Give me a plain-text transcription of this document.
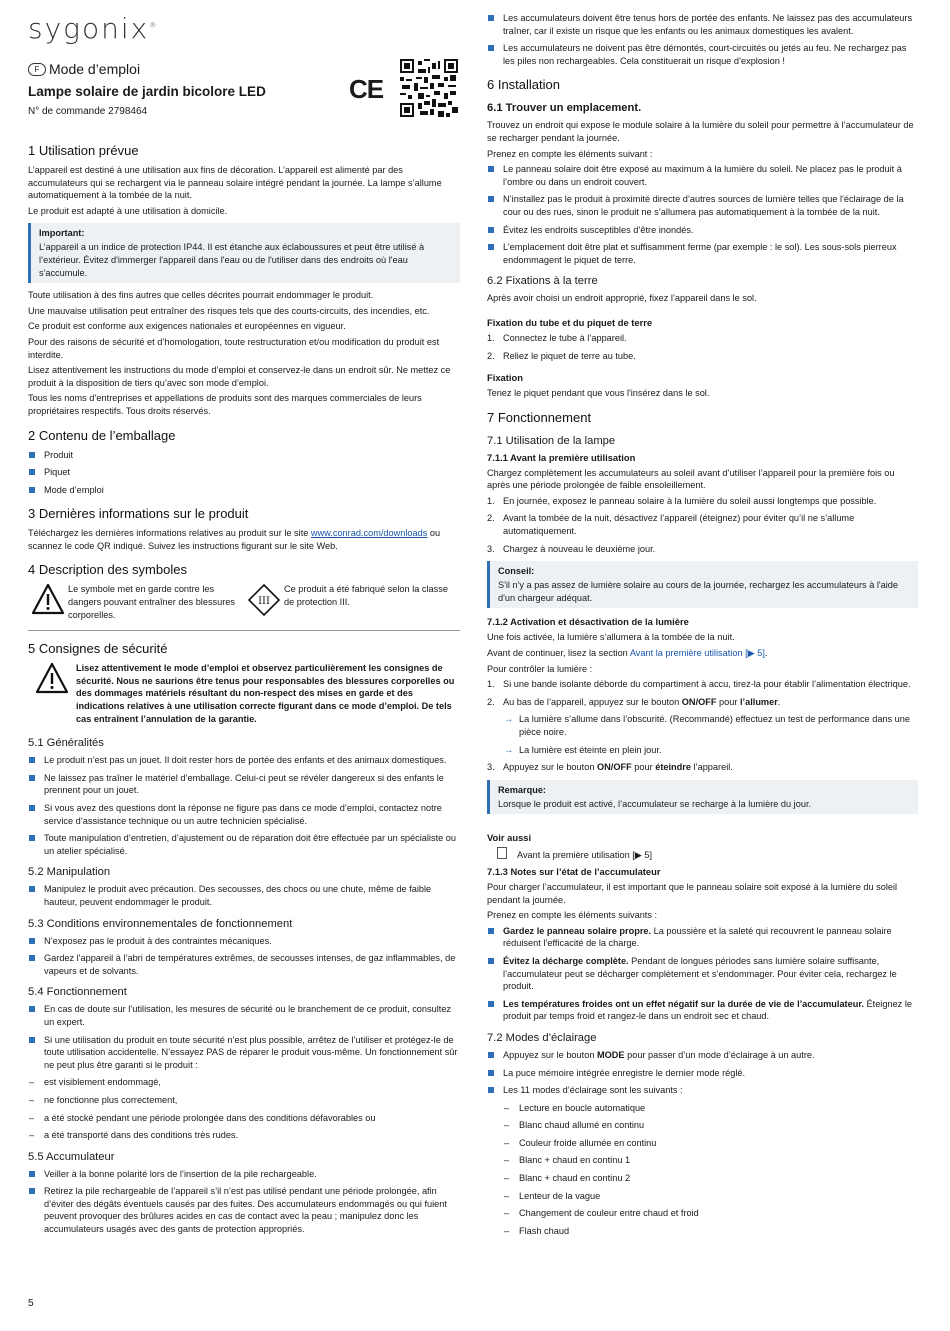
sygonix®
F Mode d’emploi
Lampe solaire de jardin bicolore LED
N° de commande 2798464
CE
1 Utilisation prévue

L’appareil est destiné à une utilisation aux fins de décoration. L’appareil est alimenté par des accumulateurs qui se rechargent via le panneau solaire intégré pendant la journée. La lampe s’allume automatiquement à la tombée de la nuit.

Le produit est adapté à une utilisation à domicile.

Important:

L’appareil a un indice de protection IP44. Il est étanche aux éclaboussures et peut être utilisé à l’extérieur. Évitez d'immerger l'appareil dans l'eau ou de l'utiliser dans des endroits où l'eau s'accumule.

Toute utilisation à des fins autres que celles décrites pourrait endommager le produit.

Une mauvaise utilisation peut entraîner des risques tels que des courts-circuits, des incendies, etc.

Ce produit est conforme aux exigences nationales et européennes en vigueur.

Pour des raisons de sécurité et d’homologation, toute restructuration et/ou modification du produit est interdite.

Lisez attentivement les instructions du mode d’emploi et conservez-le dans un endroit sûr. Ne mettez ce produit à la disposition de tiers qu’avec son mode d’emploi.

Tous les noms d’entreprises et appellations de produits sont des marques commerciales de leurs propriétaires respectifs. Tous droits réservés.

2 Contenu de l’emballage
Produit
Piquet
Mode d’emploi
3 Dernières informations sur le produit

Téléchargez les dernières informations relatives au produit sur le site www.conrad.com/downloads ou scannez le code QR indiqué. Suivez les instructions figurant sur le site Web.

4 Description des symboles

Le symbole met en garde contre les dangers pouvant entraîner des blessures corporelles.

III

Ce produit a été fabriqué selon la classe de protection III.

5 Consignes de sécurité

Lisez attentivement le mode d’emploi et observez particulièrement les consignes de sécurité. Nous ne saurions être tenus pour responsables des blessures corporelles ou des dommages matériels résultant du non-respect des mises en garde et des indications relatives à une utilisation correcte figurant dans ce mode d’emploi. De tels cas entraînent l’annulation de la garantie.

5.1 Généralités
Le produit n’est pas un jouet. Il doit rester hors de portée des enfants et des animaux domestiques.
Ne laissez pas traîner le matériel d’emballage. Celui-ci peut se révéler dangereux si des enfants le prennent pour un jouet.
Si vous avez des questions dont la réponse ne figure pas dans ce mode d’emploi, contactez notre service d’assistance technique ou un autre technicien spécialisé.
Toute manipulation d’entretien, d’ajustement ou de réparation doit être effectuée par un spécialiste ou un atelier spécialisé.
5.2 Manipulation
Manipulez le produit avec précaution. Des secousses, des chocs ou une chute, même de faible hauteur, peuvent endommager le produit.
5.3 Conditions environnementales de fonctionnement
N’exposez pas le produit à des contraintes mécaniques.
Gardez l'appareil à l’abri de températures extrêmes, de secousses intenses, de gaz inflammables, de vapeurs et de solvants.
5.4 Fonctionnement
En cas de doute sur l’utilisation, les mesures de sécurité ou le branchement de ce produit, consultez un expert.
Si une utilisation du produit en toute sécurité n’est plus possible, arrêtez de l’utiliser et protégez-le de toute utilisation accidentelle. N’essayez PAS de réparer le produit vous-même. Un fonctionnement sûr ne peut plus être garanti si le produit :
– est visiblement endommagé,
– ne fonctionne plus correctement,
– a été stocké pendant une période prolongée dans des conditions défavorables ou
– a été transporté dans des conditions très rudes.
5.5 Accumulateur
Veiller à la bonne polarité lors de l’insertion de la pile rechargeable.
Retirez la pile rechargeable de l’appareil s’il n’est pas utilisé pendant une période prolongée, afin d’éviter des dégâts éventuels causés par des fuites. Des accumulateurs endommagés ou qui fuient peuvent provoquer des brûlures acides en cas de contact avec la peau ; manipulez donc les accumulateurs usagés avec des gants de protection appropriés.
Les accumulateurs doivent être tenus hors de portée des enfants. Ne laissez pas des accumulateurs traîner, car il existe un risque que les enfants ou les animaux domestiques les avalent.
Les accumulateurs ne doivent pas être démontés, court-circuités ou jetés au feu. Ne rechargez pas les piles non rechargeables. Cela constituerait un risque d’explosion !
6 Installation
6.1 Trouver un emplacement.

Trouvez un endroit qui expose le module solaire à la lumière du soleil pour permettre à l’accumulateur de se recharger pendant la journée.

Prenez en compte les éléments suivant :

Le panneau solaire doit être exposé au maximum à la lumière du soleil. Ne placez pas le produit à l’ombre ou dans un endroit couvert.
N’installez pas le produit à proximité directe d’autres sources de lumière telles que l'éclairage de la cour ou des rues, sinon le produit ne s’allumera pas automatiquement à la tombée de la nuit.
Évitez les endroits susceptibles d’être inondés.
L’emplacement doit être plat et suffisamment ferme (par exemple : le sol). Les sous-sols pierreux endommagent le piquet de terre.
6.2 Fixations à la terre

Après avoir choisi un endroit approprié, fixez l’appareil dans le sol.

Fixation du tube et du piquet de terre
1. Connectez le tube à l’appareil.
2. Reliez le piquet de terre au tube.
Fixation

Tenez le piquet pendant que vous l'insérez dans le sol.

7 Fonctionnement
7.1 Utilisation de la lampe
7.1.1 Avant la première utilisation

Chargez complètement les accumulateurs au soleil avant d’utiliser l’appareil pour la première fois ou après une période prolongée de faible ensoleillement.

1. En journée, exposez le panneau solaire à la lumière du soleil aussi longtemps que possible.
2. Avant la tombée de la nuit, désactivez l’appareil (éteignez) pour éviter qu’il ne s’allume automatiquement.
3. Chargez à nouveau le deuxième jour.
Conseil:

S'il n'y a pas assez de lumière solaire au cours de la journée, rechargez les accumulateurs à l'aide d'un chargeur adéquat.

7.1.2 Activation et désactivation de la lumière

Une fois activée, la lumière s’allumera à la tombée de la nuit.

Avant de continuer, lisez la section Avant la première utilisation [▶ 5].

Pour contrôler la lumière :

1. Si une bande isolante déborde du compartiment à accu, tirez-la pour établir l’alimentation électrique.
2. Au bas de l’appareil, appuyez sur le bouton ON/OFF pour l’allumer.
→ La lumière s’allume dans l’obscurité. (Recommandé) effectuez un test de performance dans une pièce noire.
→ La lumière est éteinte en plein jour.
3. Appuyez sur le bouton ON/OFF pour éteindre l’appareil.
Remarque:

Lorsque le produit est activé, l’accumulateur se recharge à la lumière du jour.

Voir aussi

Avant la première utilisation [▶ 5]

7.1.3 Notes sur l’état de l’accumulateur

Pour charger l’accumulateur, il est important que le panneau solaire soit exposé à la lumière du soleil pendant la journée.

Prenez en compte les éléments suivants :

Gardez le panneau solaire propre. La poussière et la saleté qui recouvrent le panneau solaire réduisent l’efficacité de la charge.
Évitez la décharge complète. Pendant de longues périodes sans lumière solaire suffisante, l’accumulateur peut se décharger complètement et s’endommager. Pour éviter cela, rechargez le produit.
Les températures froides ont un effet négatif sur la durée de vie de l’accumulateur. Éteignez le produit par temps froid et rangez-le dans un endroit sec et chaud.
7.2 Modes d’éclairage
Appuyez sur le bouton MODE pour passer d’un mode d’éclairage à un autre.
La puce mémoire intégrée enregistre le dernier mode réglé.
Les 11 modes d’éclairage sont les suivants :
– Lecture en boucle automatique
– Blanc chaud allumé en continu
– Couleur froide allumée en continu
– Blanc + chaud en continu 1
– Blanc + chaud en continu 2
– Lenteur de la vague
– Changement de couleur entre chaud et froid
– Flash chaud
5
